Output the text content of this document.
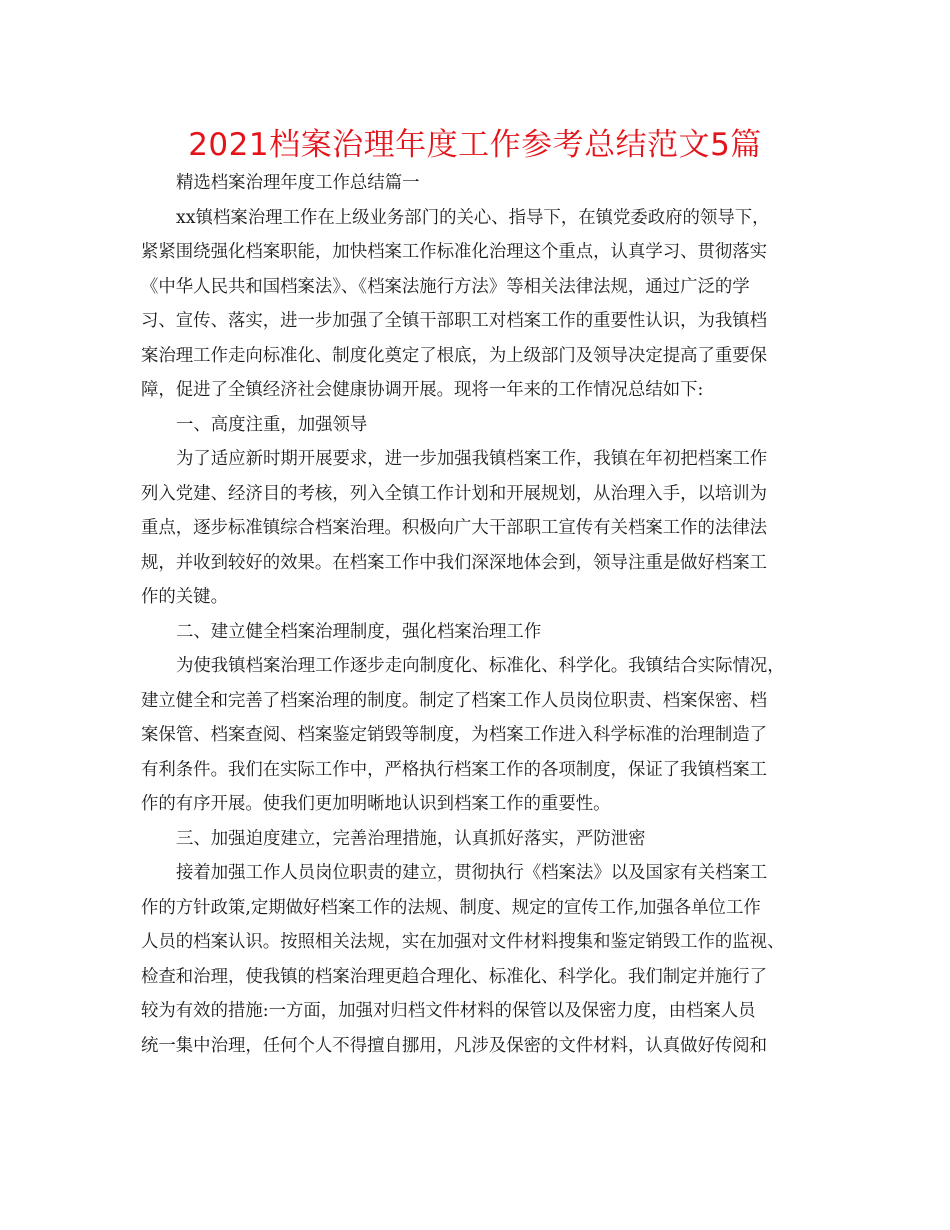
2021档案治理年度工作参考总结范文5篇
精选档案治理年度工作总结篇一
xx镇档案治理工作在上级业务部门的关心、指导下，在镇党委政府的领导下，
紧紧围绕强化档案职能，加快档案工作标准化治理这个重点，认真学习、贯彻落实
《中华人民共和国档案法》、《档案法施行方法》等相关法律法规，通过广泛的学
习、宣传、落实，进一步加强了全镇干部职工对档案工作的重要性认识，为我镇档
案治理工作走向标准化、制度化奠定了根底，为上级部门及领导决定提高了重要保
障，促进了全镇经济社会健康协调开展。现将一年来的工作情况总结如下:
一、高度注重，加强领导
为了适应新时期开展要求，进一步加强我镇档案工作，我镇在年初把档案工作
列入党建、经济目的考核，列入全镇工作计划和开展规划，从治理入手，以培训为
重点，逐步标准镇综合档案治理。积极向广大干部职工宣传有关档案工作的法律法
规，并收到较好的效果。在档案工作中我们深深地体会到，领导注重是做好档案工
作的关键。
二、建立健全档案治理制度，强化档案治理工作
为使我镇档案治理工作逐步走向制度化、标准化、科学化。我镇结合实际情况，
建立健全和完善了档案治理的制度。制定了档案工作人员岗位职责、档案保密、档
案保管、档案查阅、档案鉴定销毁等制度，为档案工作进入科学标准的治理制造了
有利条件。我们在实际工作中，严格执行档案工作的各项制度，保证了我镇档案工
作的有序开展。使我们更加明晰地认识到档案工作的重要性。
三、加强迫度建立，完善治理措施，认真抓好落实，严防泄密
接着加强工作人员岗位职责的建立，贯彻执行《档案法》以及国家有关档案工
作的方针政策,定期做好档案工作的法规、制度、规定的宣传工作,加强各单位工作
人员的档案认识。按照相关法规，实在加强对文件材料搜集和鉴定销毁工作的监视、
检查和治理，使我镇的档案治理更趋合理化、标准化、科学化。我们制定并施行了
较为有效的措施:一方面，加强对归档文件材料的保管以及保密力度，由档案人员
统一集中治理，任何个人不得擅自挪用，凡涉及保密的文件材料，认真做好传阅和
